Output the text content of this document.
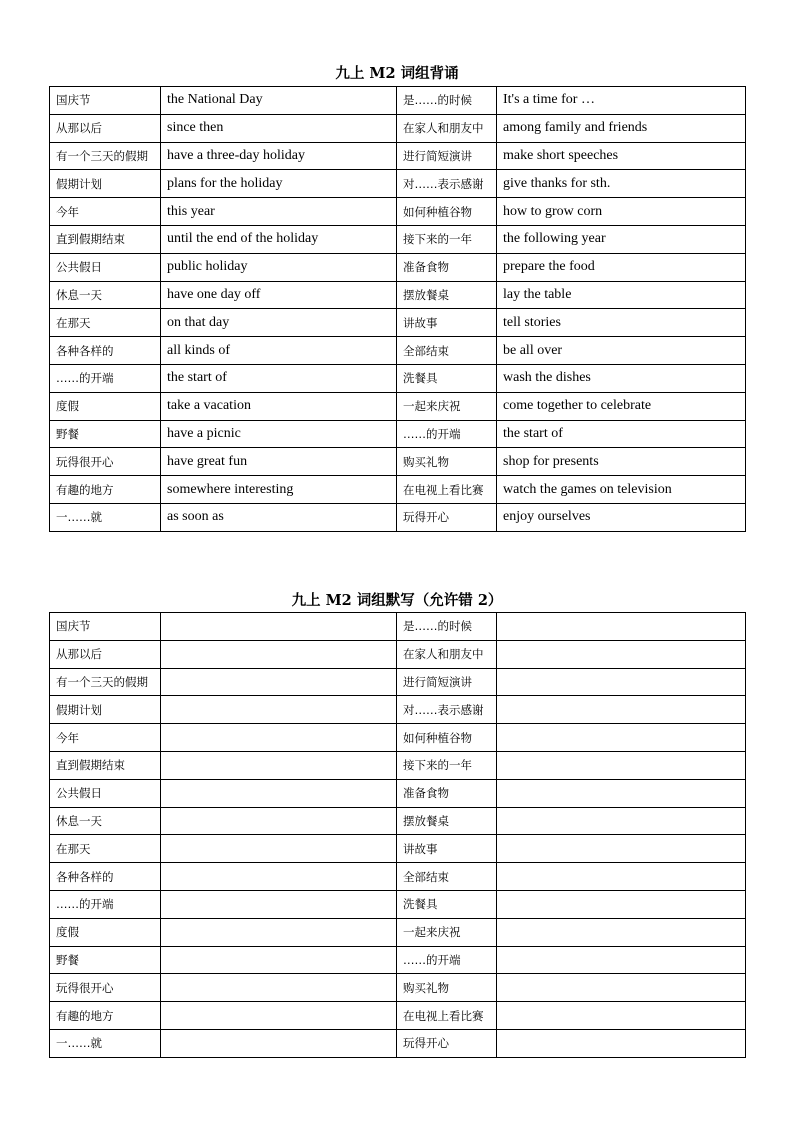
九上 M2 词组背诵
国庆节	the National Day	是……的时候	It's a time for …
从那以后	since then	在家人和朋友中	among family and friends
有一个三天的假期	have a three-day holiday	进行简短演讲	make short speeches
假期计划	plans for the holiday	对……表示感谢	give thanks for sth.
今年	this year	如何种植谷物	how to grow corn
直到假期结束	until the end of the holiday	接下来的一年	the following year
公共假日	public holiday	准备食物	prepare the food
休息一天	have one day off	摆放餐桌	lay the table
在那天	on that day	讲故事	tell stories
各种各样的	all kinds of	全部结束	be all over
……的开端	the start of	洗餐具	wash the dishes
度假	take a vacation	一起来庆祝	come together to celebrate
野餐	have a picnic	……的开端	the start of
玩得很开心	have great fun	购买礼物	shop for presents
有趣的地方	somewhere interesting	在电视上看比赛	watch the games on television
一……就	as soon as	玩得开心	enjoy ourselves
九上 M2 词组默写（允许错 2）
国庆节		是……的时候	
从那以后		在家人和朋友中	
有一个三天的假期		进行简短演讲	
假期计划		对……表示感谢	
今年		如何种植谷物	
直到假期结束		接下来的一年	
公共假日		准备食物	
休息一天		摆放餐桌	
在那天		讲故事	
各种各样的		全部结束	
……的开端		洗餐具	
度假		一起来庆祝	
野餐		……的开端	
玩得很开心		购买礼物	
有趣的地方		在电视上看比赛	
一……就		玩得开心	
